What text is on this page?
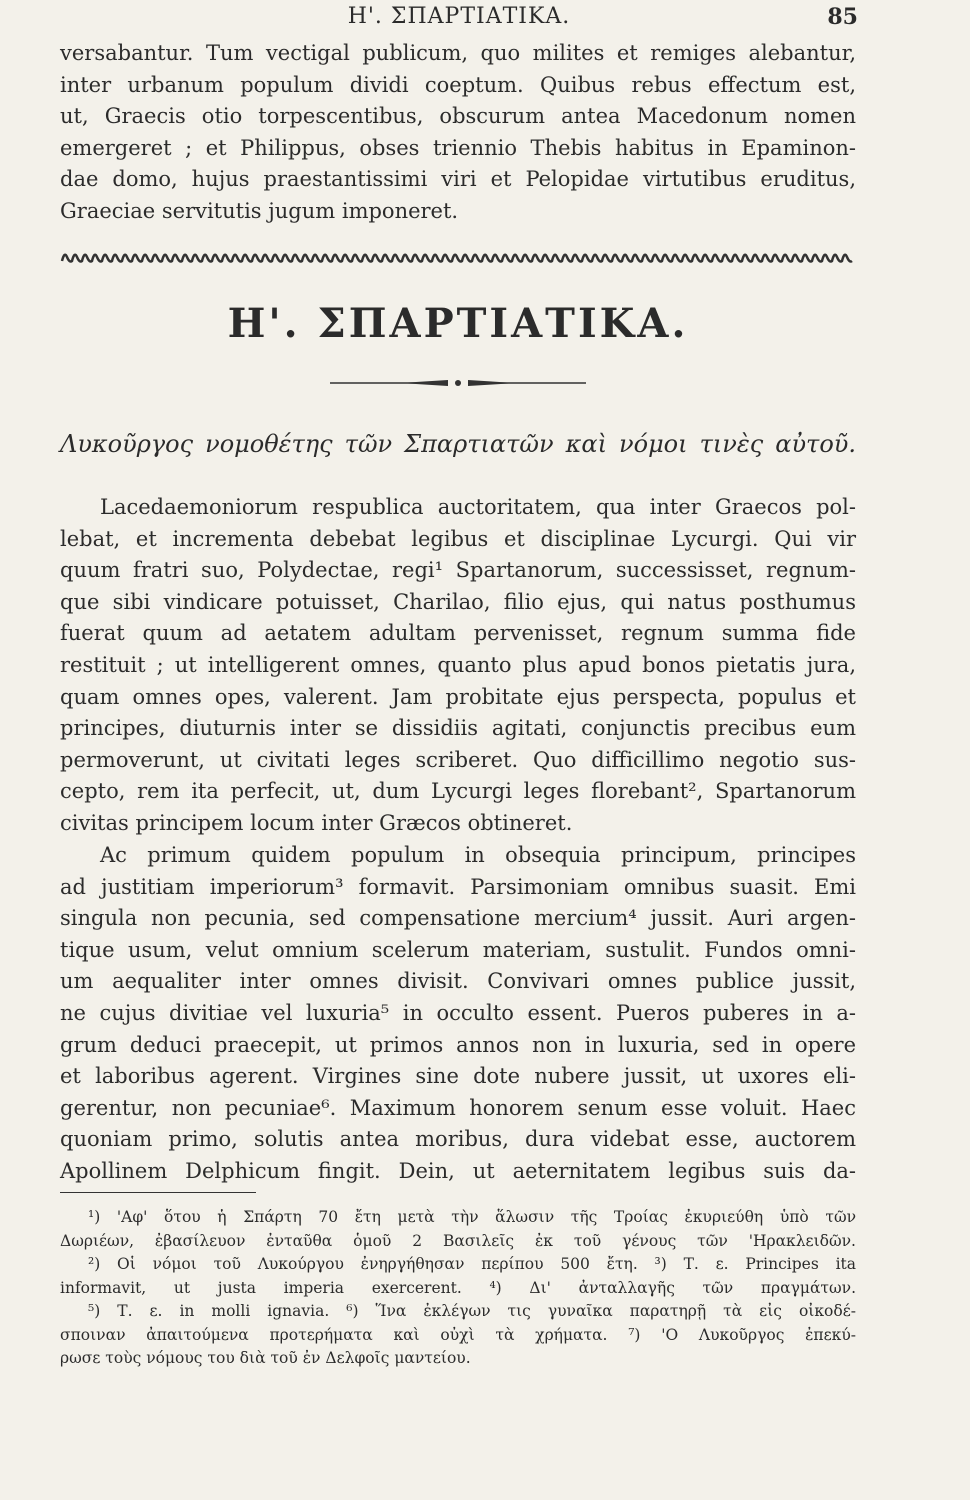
Η'. ΣΠΑΡΤΙΑΤΙΚΑ.	85
versabantur. Tum vectigal publicum, quo milites et remiges alebantur,
inter urbanum populum dividi coeptum. Quibus rebus effectum est,
ut, Graecis otio torpescentibus, obscurum antea Macedonum nomen
emergeret ; et Philippus, obses triennio Thebis habitus in Epaminon-
dae domo, hujus praestantissimi viri et Pelopidae virtutibus eruditus,
Graeciae servitutis jugum imponeret.
Η'. ΣΠΑΡΤΙΑΤΙΚΑ.
Λυκοῦργος νομοθέτης τῶν Σπαρτιατῶν καὶ νόμοι τινὲς αὐτοῦ.
Lacedaemoniorum respublica auctoritatem, qua inter Graecos pol-
lebat, et incrementa debebat legibus et disciplinae Lycurgi. Qui vir
quum fratri suo, Polydectae, regi¹ Spartanorum, successisset, regnum-
que sibi vindicare potuisset, Charilao, filio ejus, qui natus posthumus
fuerat quum ad aetatem adultam pervenisset, regnum summa fide
restituit ; ut intelligerent omnes, quanto plus apud bonos pietatis jura,
quam omnes opes, valerent. Jam probitate ejus perspecta, populus et
principes, diuturnis inter se dissidiis agitati, conjunctis precibus eum
permoverunt, ut civitati leges scriberet. Quo difficillimo negotio sus-
cepto, rem ita perfecit, ut, dum Lycurgi leges florebant², Spartanorum
civitas principem locum inter Græcos obtineret.
Ac primum quidem populum in obsequia principum, principes
ad justitiam imperiorum³ formavit. Parsimoniam omnibus suasit. Emi
singula non pecunia, sed compensatione mercium⁴ jussit. Auri argen-
tique usum, velut omnium scelerum materiam, sustulit. Fundos omni-
um aequaliter inter omnes divisit. Convivari omnes publice jussit,
ne cujus divitiae vel luxuria⁵ in occulto essent. Pueros puberes in a-
grum deduci praecepit, ut primos annos non in luxuria, sed in opere
et laboribus agerent. Virgines sine dote nubere jussit, ut uxores eli-
gerentur, non pecuniae⁶. Maximum honorem senum esse voluit. Haec
quoniam primo, solutis antea moribus, dura videbat esse, auctorem
Apollinem Delphicum fingit. Dein, ut aeternitatem legibus suis da-
¹) 'Αφ' ὅτου ἡ Σπάρτη 70 ἔτη μετὰ τὴν ἅλωσιν τῆς Τροίας ἐκυριεύθη ὑπὸ τῶν
Δωριέων, ἐβασίλευον ἐνταῦθα ὁμοῦ 2 Βασιλεῖς ἐκ τοῦ γένους τῶν 'Ηρακλειδῶν.
²) Οἱ νόμοι τοῦ Λυκούργου ἐνηργήθησαν περίπου 500 ἔτη. ³) Τ. ε. Principes ita
informavit, ut justa imperia exercerent. ⁴) Δι' ἀνταλλαγῆς τῶν πραγμάτων.
⁵) Τ. ε. in molli ignavia. ⁶) Ἵνα ἐκλέγων τις γυναῖκα παρατηρῇ τὰ εἰς οἰκοδέ-
σποιναν ἀπαιτούμενα προτερήματα καὶ οὐχὶ τὰ χρήματα. ⁷) 'Ο Λυκοῦργος ἐπεκύ-
ρωσε τοὺς νόμους του διὰ τοῦ ἐν Δελφοῖς μαντείου.
